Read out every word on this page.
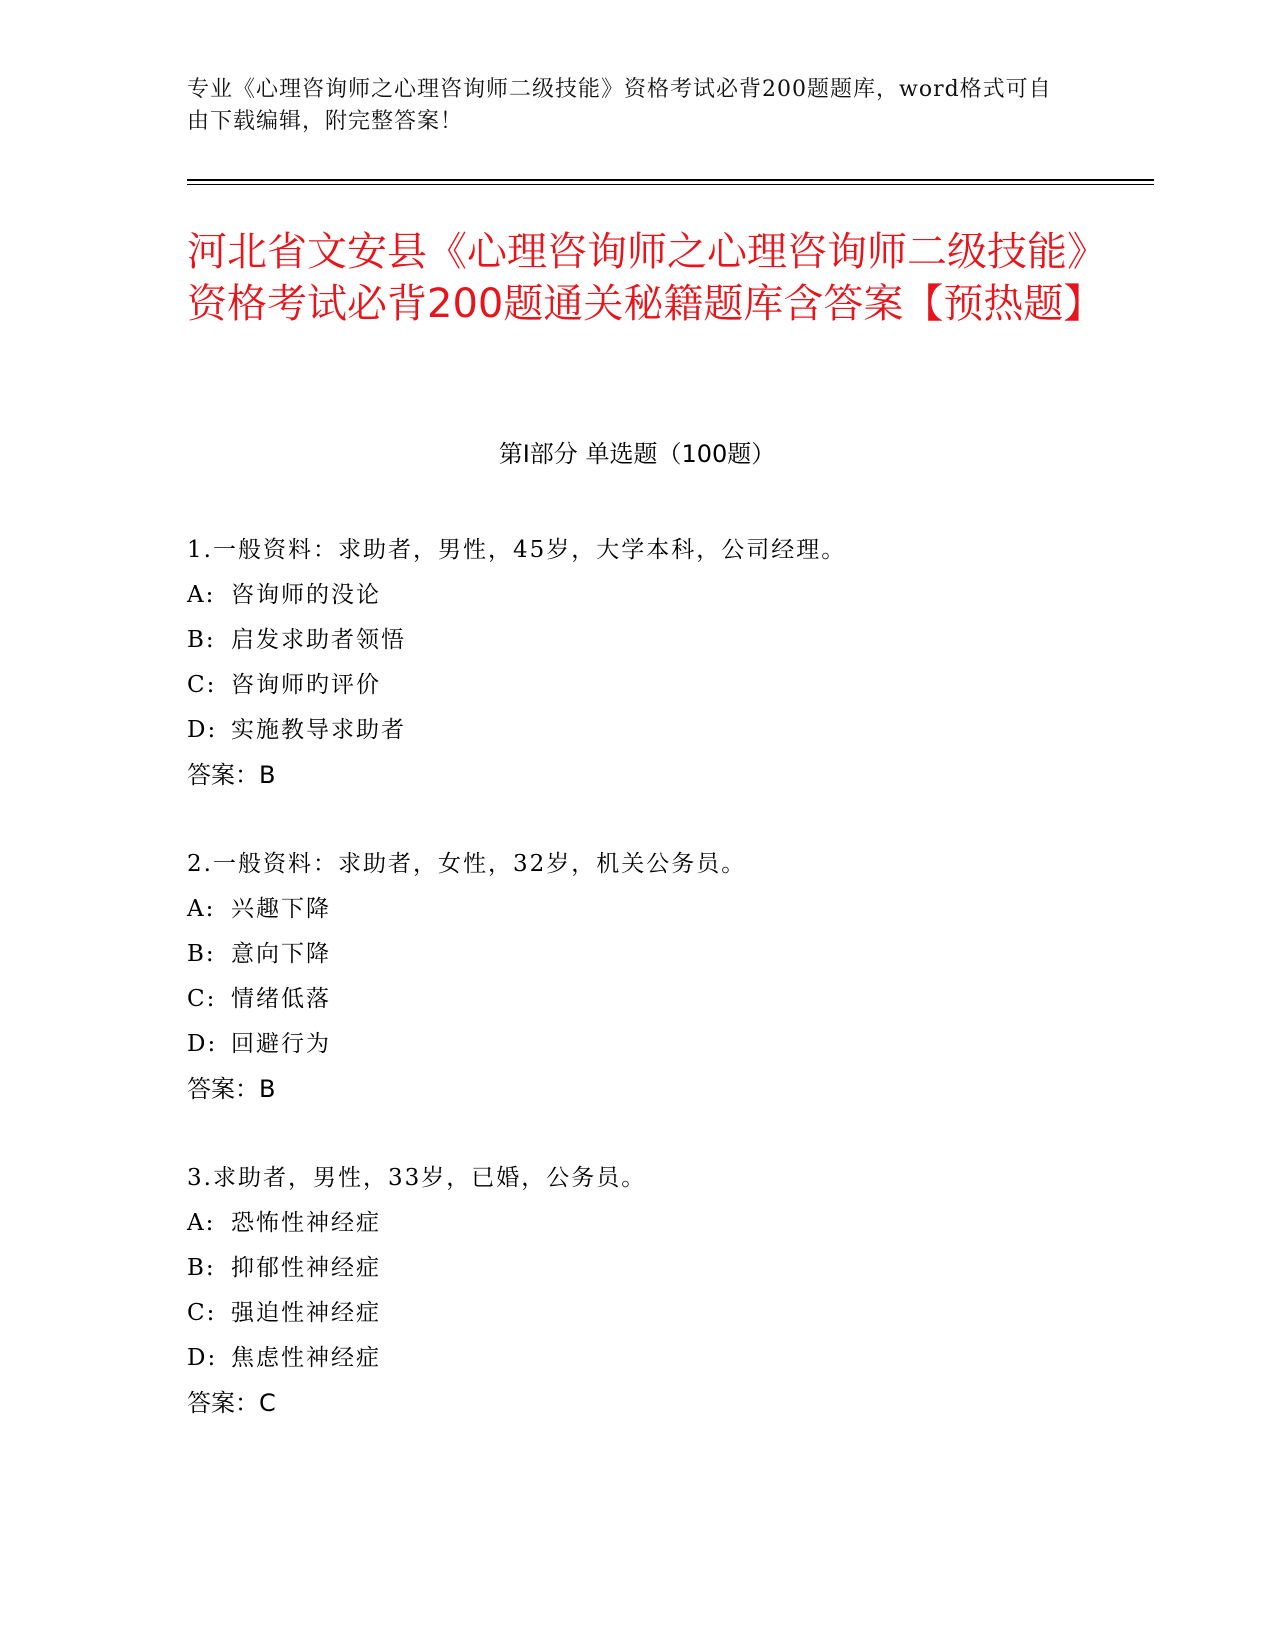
专业《心理咨询师之心理咨询师二级技能》资格考试必背200题题库，word格式可自由下载编辑，附完整答案！

河北省文安县《心理咨询师之心理咨询师二级技能》资格考试必背200题通关秘籍题库含答案【预热题】
第Ⅰ部分 单选题（100题）
1.一般资料：求助者，男性，45岁，大学本科，公司经理。
A: 咨询师的没论
B: 启发求助者领悟
C: 咨询师旳评价
D: 实施教导求助者
答案：B
2.一般资料：求助者，女性，32岁，机关公务员。
A: 兴趣下降
B: 意向下降
C: 情绪低落
D: 回避行为
答案：B
3.求助者，男性，33岁，已婚，公务员。
A: 恐怖性神经症
B: 抑郁性神经症
C: 强迫性神经症
D: 焦虑性神经症
答案：C
